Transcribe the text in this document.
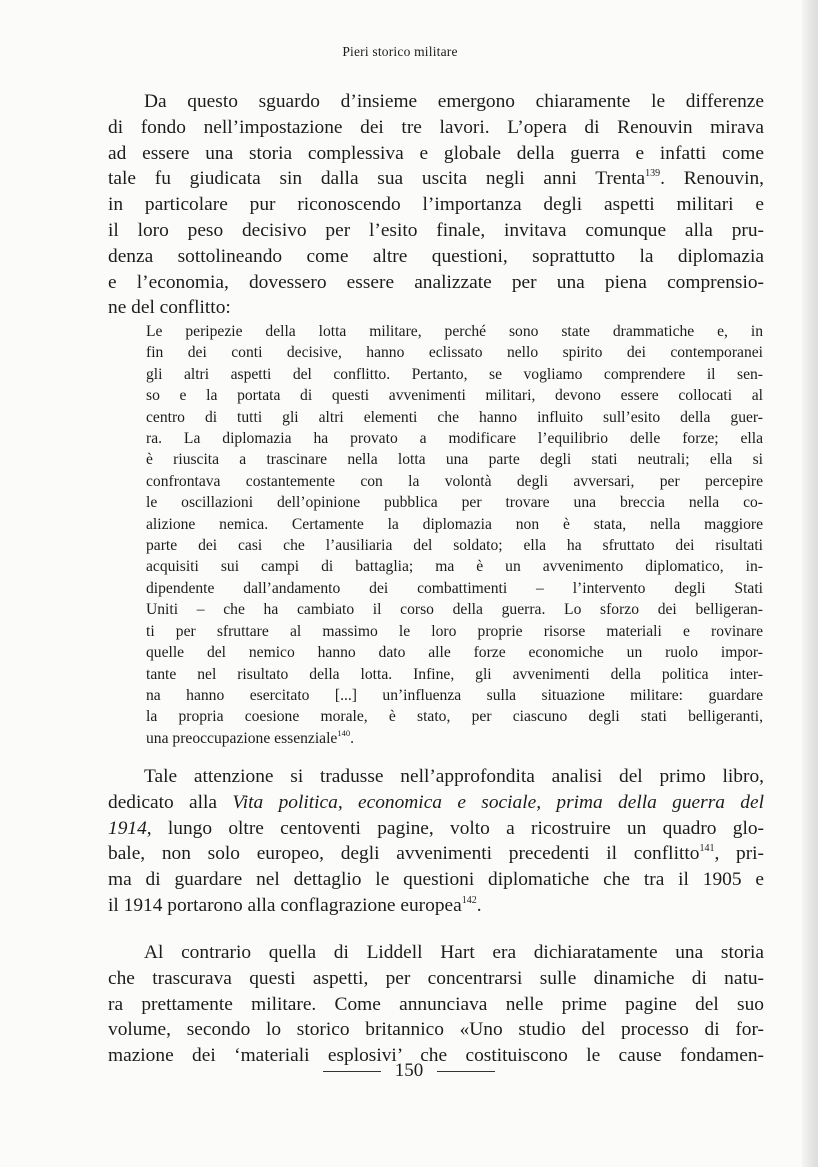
Pieri storico militare
Da questo sguardo d’insieme emergono chiaramente le differenze
di fondo nell’impostazione dei tre lavori. L’opera di Renouvin mirava
ad essere una storia complessiva e globale della guerra e infatti come
tale fu giudicata sin dalla sua uscita negli anni Trenta$^{139}$. Renouvin,
in particolare pur riconoscendo l’importanza degli aspetti militari e
il loro peso decisivo per l’esito finale, invitava comunque alla pru-
denza sottolineando come altre questioni, soprattutto la diplomazia
e l’economia, dovessero essere analizzate per una piena comprensio-
ne del conflitto:
Le peripezie della lotta militare, perché sono state drammatiche e, in
fin dei conti decisive, hanno eclissato nello spirito dei contemporanei
gli altri aspetti del conflitto. Pertanto, se vogliamo comprendere il sen-
so e la portata di questi avvenimenti militari, devono essere collocati al
centro di tutti gli altri elementi che hanno influito sull’esito della guer-
ra. La diplomazia ha provato a modificare l’equilibrio delle forze; ella
è riuscita a trascinare nella lotta una parte degli stati neutrali; ella si
confrontava costantemente con la volontà degli avversari, per percepire
le oscillazioni dell’opinione pubblica per trovare una breccia nella co-
alizione nemica. Certamente la diplomazia non è stata, nella maggiore
parte dei casi che l’ausiliaria del soldato; ella ha sfruttato dei risultati
acquisiti sui campi di battaglia; ma è un avvenimento diplomatico, in-
dipendente dall’andamento dei combattimenti – l’intervento degli Stati
Uniti – che ha cambiato il corso della guerra. Lo sforzo dei belligeran-
ti per sfruttare al massimo le loro proprie risorse materiali e rovinare
quelle del nemico hanno dato alle forze economiche un ruolo impor-
tante nel risultato della lotta. Infine, gli avvenimenti della politica inter-
na hanno esercitato [...] un’influenza sulla situazione militare: guardare
la propria coesione morale, è stato, per ciascuno degli stati belligeranti,
una preoccupazione essenziale$^{140}$.
Tale attenzione si tradusse nell’approfondita analisi del primo libro,
dedicato alla Vita politica, economica e sociale, prima della guerra del
1914, lungo oltre centoventi pagine, volto a ricostruire un quadro glo-
bale, non solo europeo, degli avvenimenti precedenti il conflitto$^{141}$, pri-
ma di guardare nel dettaglio le questioni diplomatiche che tra il 1905 e
il 1914 portarono alla conflagrazione europea$^{142}$.
Al contrario quella di Liddell Hart era dichiaratamente una storia
che trascurava questi aspetti, per concentrarsi sulle dinamiche di natu-
ra prettamente militare. Come annunciava nelle prime pagine del suo
volume, secondo lo storico britannico «Uno studio del processo di for-
mazione dei ‘materiali esplosivi’ che costituiscono le cause fondamen-
150
